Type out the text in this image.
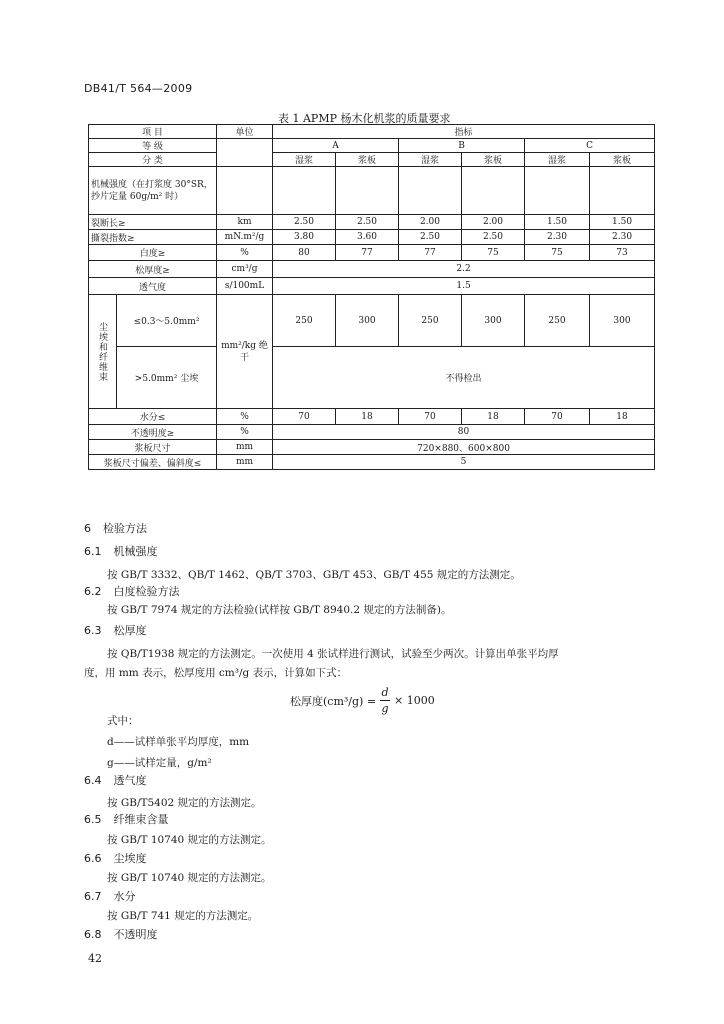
DB41/T 564—2009
表 1 APMP 杨木化机浆的质量要求
项 目		单位	指标					
等 级			A		B		C	
分 类			湿浆	浆板	湿浆	浆板	湿浆	浆板
机械强度（在打浆度 30°SR，抄片定量 60g/m² 时）								
裂断长≥		km	2.50	2.50	2.00	2.00	1.50	1.50
撕裂指数≥		mN.m²/g	3.80	3.60	2.50	2.50	2.30	2.30
白度≥		%	80	77	77	75	75	73
松厚度≥		cm³/g	2.2					
透气度		s/100mL	1.5					

尘埃和纤维束	≤0.3～5.0mm²	mm²/kg 绝干	250	300	250	300	250	300
	>5.0mm² 尘埃		不得检出					
水分≤		%	70	18	70	18	70	18
不透明度≥		%	80					
浆板尺寸		mm	720×880、600×800					
浆板尺寸偏差、偏斜度≤		mm	5					
6 检验方法
6.1 机械强度
按 GB/T 3332、QB/T 1462、QB/T 3703、GB/T 453、GB/T 455 规定的方法测定。
6.2 白度检验方法
按 GB/T 7974 规定的方法检验(试样按 GB/T 8940.2 规定的方法制备)。
6.3 松厚度
按 QB/T1938 规定的方法测定。一次使用 4 张试样进行测试，试验至少两次。计算出单张平均厚
度，用 mm 表示，松厚度用 cm³/g 表示，计算如下式：
松厚度$(cm^3/g) = \frac{d}{g} \times 1000$
式中：
d——试样单张平均厚度，mm
g——试样定量，g/m²
6.4 透气度
按 GB/T5402 规定的方法测定。
6.5 纤维束含量
按 GB/T 10740 规定的方法测定。
6.6 尘埃度
按 GB/T 10740 规定的方法测定。
6.7 水分
按 GB/T 741 规定的方法测定。
6.8 不透明度
42
